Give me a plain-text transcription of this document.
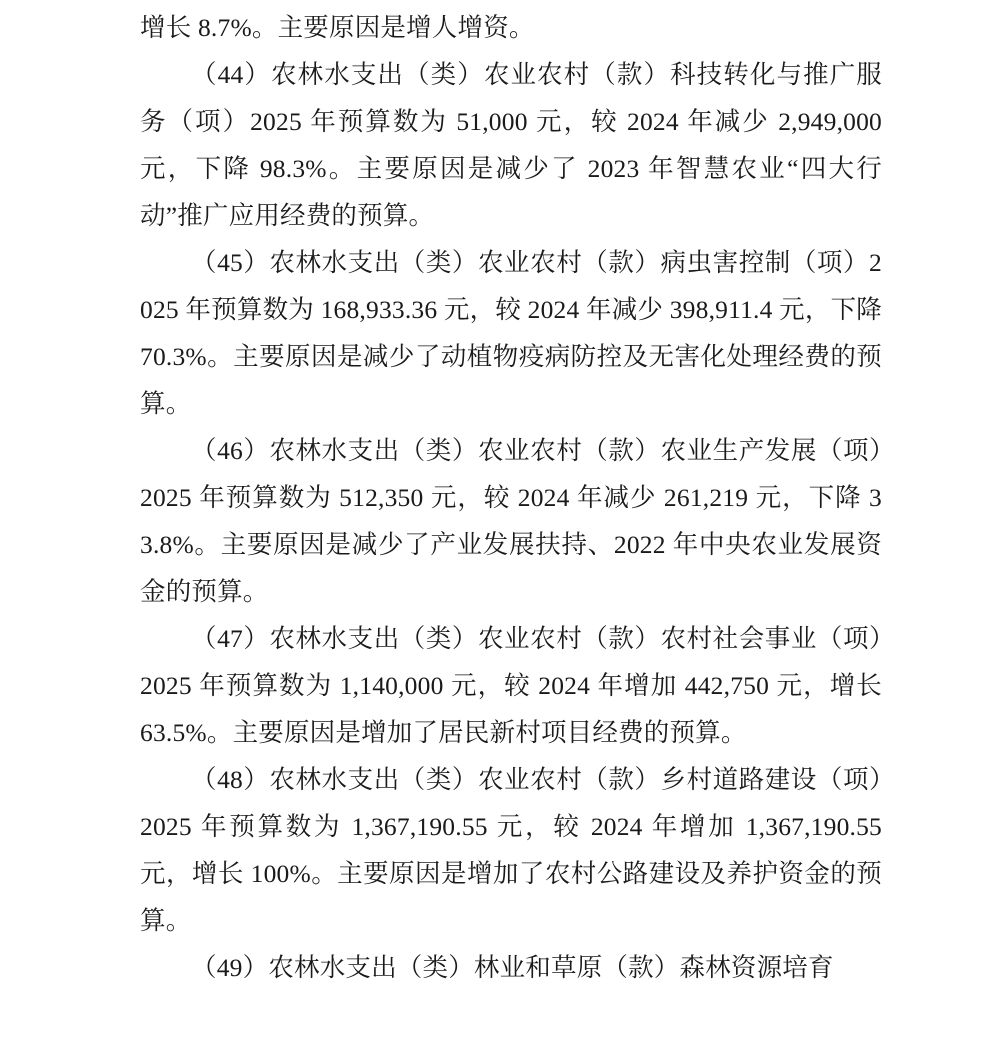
增长 8.7%。主要原因是增人增资。

（44）农林水支出（类）农业农村（款）科技转化与推广服务（项）2025 年预算数为 51,000 元，较 2024 年减少 2,949,000 元，下降 98.3%。主要原因是减少了 2023 年智慧农业“四大行动”推广应用经费的预算。

（45）农林水支出（类）农业农村（款）病虫害控制（项）2025 年预算数为 168,933.36 元，较 2024 年减少 398,911.4 元，下降 70.3%。主要原因是减少了动植物疫病防控及无害化处理经费的预算。

（46）农林水支出（类）农业农村（款）农业生产发展（项）2025 年预算数为 512,350 元，较 2024 年减少 261,219 元，下降 33.8%。主要原因是减少了产业发展扶持、2022 年中央农业发展资金的预算。

（47）农林水支出（类）农业农村（款）农村社会事业（项）2025 年预算数为 1,140,000 元，较 2024 年增加 442,750 元，增长 63.5%。主要原因是增加了居民新村项目经费的预算。

（48）农林水支出（类）农业农村（款）乡村道路建设（项）2025 年预算数为 1,367,190.55 元，较 2024 年增加 1,367,190.55 元，增长 100%。主要原因是增加了农村公路建设及养护资金的预算。

（49）农林水支出（类）林业和草原（款）森林资源培育
